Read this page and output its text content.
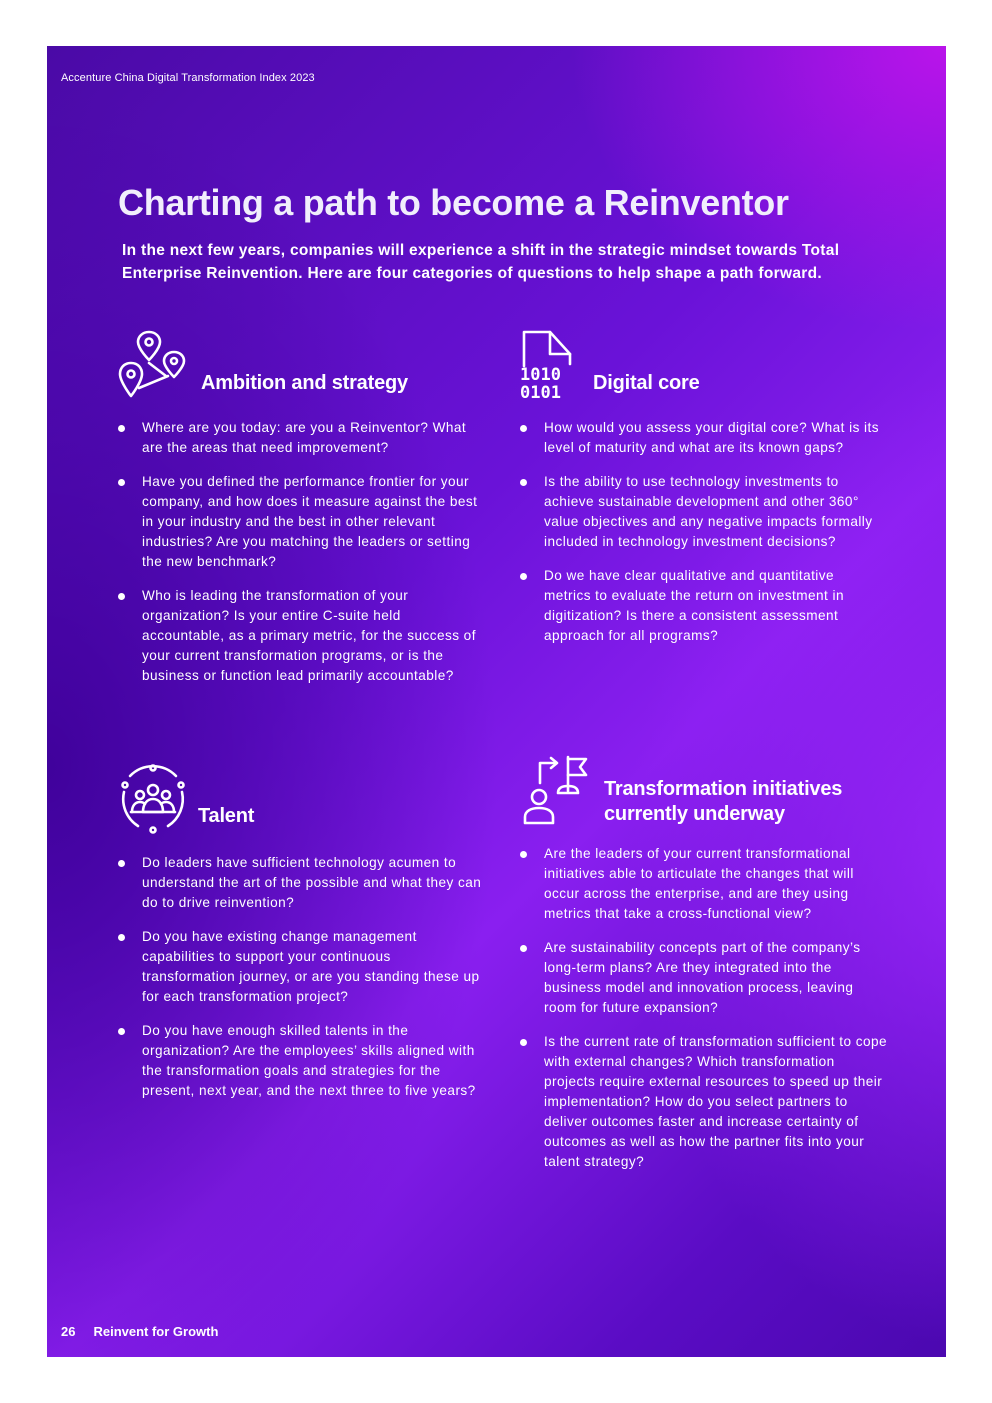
Accenture China Digital Transformation Index 2023
Charting a path to become a Reinventor
In the next few years, companies will experience a shift in the strategic mindset towards Total Enterprise Reinvention. Here are four categories of questions to help shape a path forward.
Ambition and strategy
Where are you today: are you a Reinventor? What are the areas that need improvement?
Have you defined the performance frontier for your company, and how does it measure against the best in your industry and the best in other relevant industries? Are you matching the leaders or setting the new benchmark?
Who is leading the transformation of your organization? Is your entire C-suite held accountable, as a primary metric, for the success of your current transformation programs, or is the business or function lead primarily accountable?
1010
0101 Digital core
How would you assess your digital core? What is its level of maturity and what are its known gaps?
Is the ability to use technology investments to achieve sustainable development and other 360° value objectives and any negative impacts formally included in technology investment decisions?
Do we have clear qualitative and quantitative metrics to evaluate the return on investment in digitization? Is there a consistent assessment approach for all programs?
Talent
Do leaders have sufficient technology acumen to understand the art of the possible and what they can do to drive reinvention?
Do you have existing change management capabilities to support your continuous transformation journey, or are you standing these up for each transformation project?
Do you have enough skilled talents in the organization? Are the employees’ skills aligned with the transformation goals and strategies for the present, next year, and the next three to five years?
Transformation initiatives currently underway
Are the leaders of your current transformational initiatives able to articulate the changes that will occur across the enterprise, and are they using metrics that take a cross-functional view?
Are sustainability concepts part of the company’s long-term plans? Are they integrated into the business model and innovation process, leaving room for future expansion?
Is the current rate of transformation sufficient to cope with external changes? Which transformation projects require external resources to speed up their implementation? How do you select partners to deliver outcomes faster and increase certainty of outcomes as well as how the partner fits into your talent strategy?
26 Reinvent for Growth
